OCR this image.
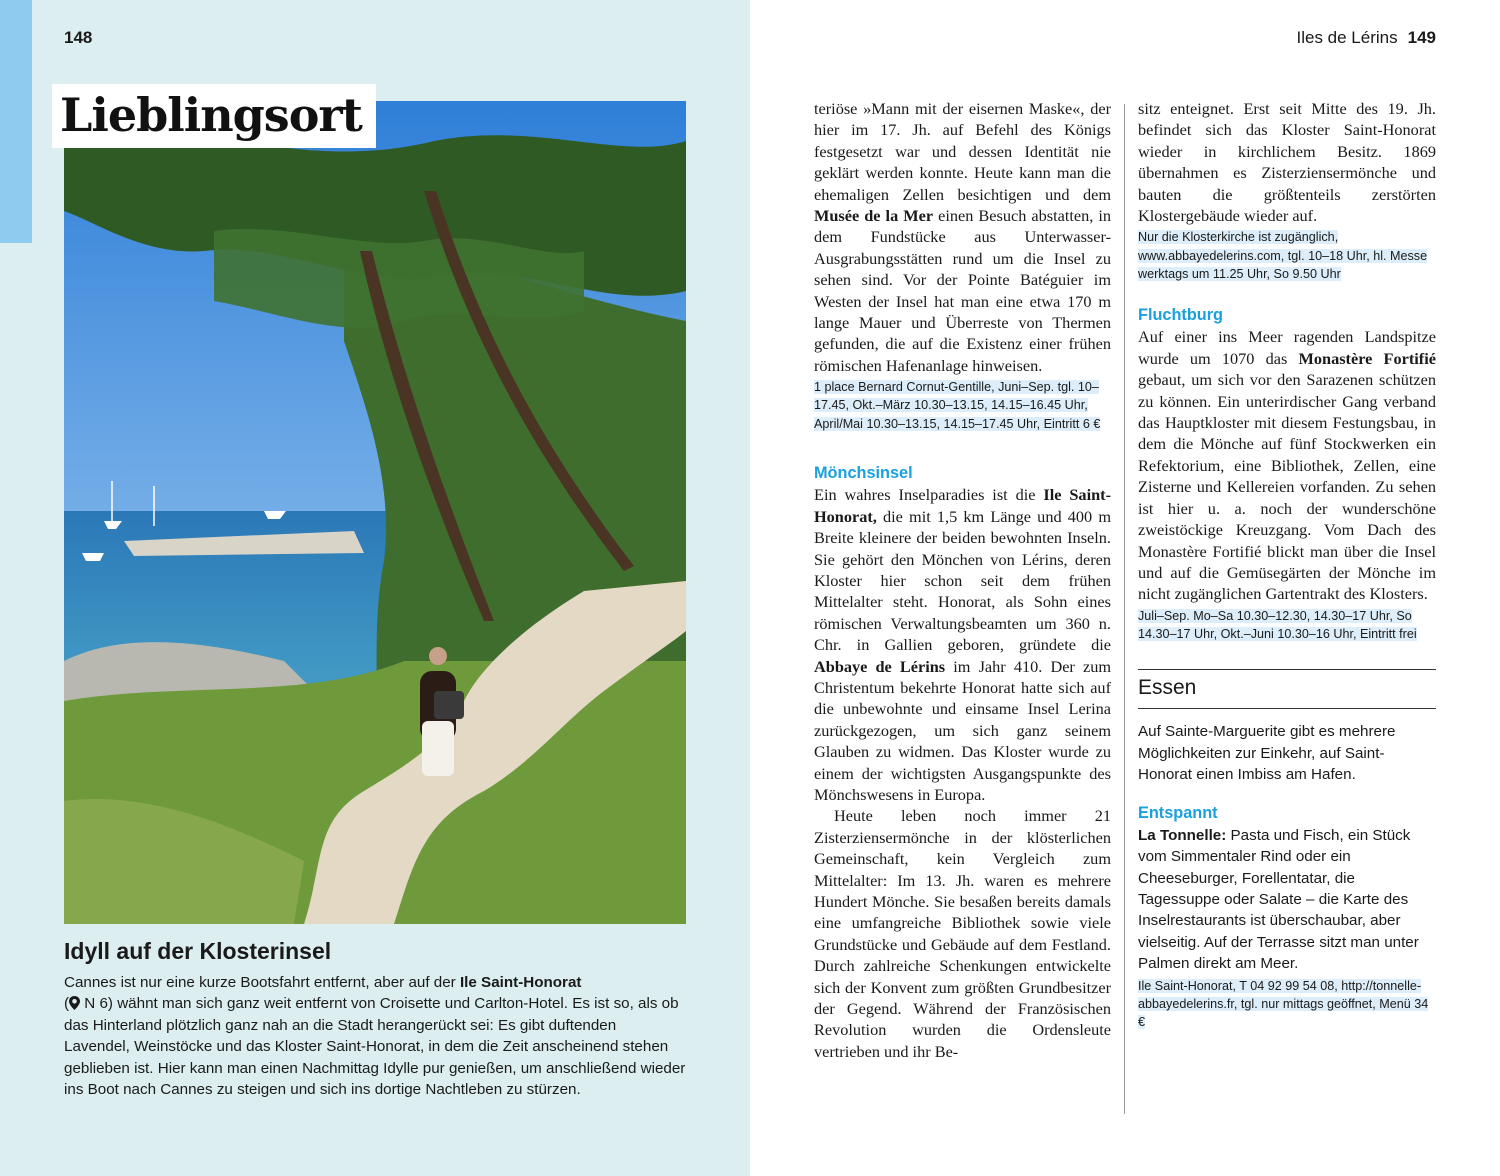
148
Lieblingsort
Idyll auf der Klosterinsel

Cannes ist nur eine kurze Bootsfahrt entfernt, aber auf der Ile Saint-Honorat
( N 6) wähnt man sich ganz weit entfernt von Croisette und Carlton-Hotel. Es ist so, als ob das Hinterland plötzlich ganz nah an die Stadt herangerückt sei: Es gibt duftenden Lavendel, Weinstöcke und das Kloster Saint-Honorat, in dem die Zeit anscheinend stehen geblieben ist. Hier kann man einen Nachmittag Idylle pur genießen, um anschließend wieder ins Boot nach Cannes zu steigen und sich ins dortige Nachtleben zu stürzen.

Iles de Lérins 149

teriöse »Mann mit der eisernen Maske«, der hier im 17. Jh. auf Befehl des Königs festgesetzt war und dessen Identität nie geklärt werden konnte. Heute kann man die ehemaligen Zellen besichtigen und dem Musée de la Mer einen Besuch abstatten, in dem Fundstücke aus Unterwasser-Ausgrabungsstätten rund um die Insel zu sehen sind. Vor der Pointe Batéguier im Westen der Insel hat man eine etwa 170 m lange Mauer und Überreste von Thermen gefunden, die auf die Existenz einer frühen römischen Hafenanlage hinweisen.

1 place Bernard Cornut-Gentille, Juni–Sep. tgl. 10–17.45, Okt.–März 10.30–13.15, 14.15–16.45 Uhr, April/Mai 10.30–13.15, 14.15–17.45 Uhr, Eintritt 6 €
Mönchsinsel

Ein wahres Inselparadies ist die Ile Saint-Honorat, die mit 1,5 km Länge und 400 m Breite kleinere der beiden bewohnten Inseln. Sie gehört den Mönchen von Lérins, deren Kloster hier schon seit dem frühen Mittelalter steht. Honorat, als Sohn eines römischen Verwaltungsbeamten um 360 n. Chr. in Gallien geboren, gründete die Abbaye de Lérins im Jahr 410. Der zum Christentum bekehrte Honorat hatte sich auf die unbewohnte und einsame Insel Lerina zurückgezogen, um sich ganz seinem Glauben zu widmen. Das Kloster wurde zu einem der wichtigsten Ausgangspunkte des Mönchswesens in Europa.

Heute leben noch immer 21 Zisterziensermönche in der klösterlichen Gemeinschaft, kein Vergleich zum Mittelalter: Im 13. Jh. waren es mehrere Hundert Mönche. Sie besaßen bereits damals eine umfangreiche Bibliothek sowie viele Grundstücke und Gebäude auf dem Festland. Durch zahlreiche Schenkungen entwickelte sich der Konvent zum größten Grundbesitzer der Gegend. Während der Französischen Revolution wurden die Ordensleute vertrieben und ihr Be-

sitz enteignet. Erst seit Mitte des 19. Jh. befindet sich das Kloster Saint-Honorat wieder in kirchlichem Besitz. 1869 übernahmen es Zisterziensermönche und bauten die größtenteils zerstörten Klostergebäude wieder auf.

Nur die Klosterkirche ist zugänglich, www.abbayedelerins.com, tgl. 10–18 Uhr, hl. Messe werktags um 11.25 Uhr, So 9.50 Uhr
Fluchtburg

Auf einer ins Meer ragenden Landspitze wurde um 1070 das Monastère Fortifié gebaut, um sich vor den Sarazenen schützen zu können. Ein unterirdischer Gang verband das Hauptkloster mit diesem Festungsbau, in dem die Mönche auf fünf Stockwerken ein Refektorium, eine Bibliothek, Zellen, eine Zisterne und Kellereien vorfanden. Zu sehen ist hier u. a. noch der wunderschöne zweistöckige Kreuzgang. Vom Dach des Monastère Fortifié blickt man über die Insel und auf die Gemüsegärten der Mönche im nicht zugänglichen Gartentrakt des Klosters.

Juli–Sep. Mo–Sa 10.30–12.30, 14.30–17 Uhr, So 14.30–17 Uhr, Okt.–Juni 10.30–16 Uhr, Eintritt frei
Essen

Auf Sainte-Marguerite gibt es mehrere Möglichkeiten zur Einkehr, auf Saint-Honorat einen Imbiss am Hafen.

Entspannt

La Tonnelle: Pasta und Fisch, ein Stück vom Simmentaler Rind oder ein Cheeseburger, Forellentatar, die Tagessuppe oder Salate – die Karte des Inselrestaurants ist überschaubar, aber vielseitig. Auf der Terrasse sitzt man unter Palmen direkt am Meer.

Ile Saint-Honorat, T 04 92 99 54 08, http://tonnelle-abbayedelerins.fr, tgl. nur mittags geöffnet, Menü 34 €
